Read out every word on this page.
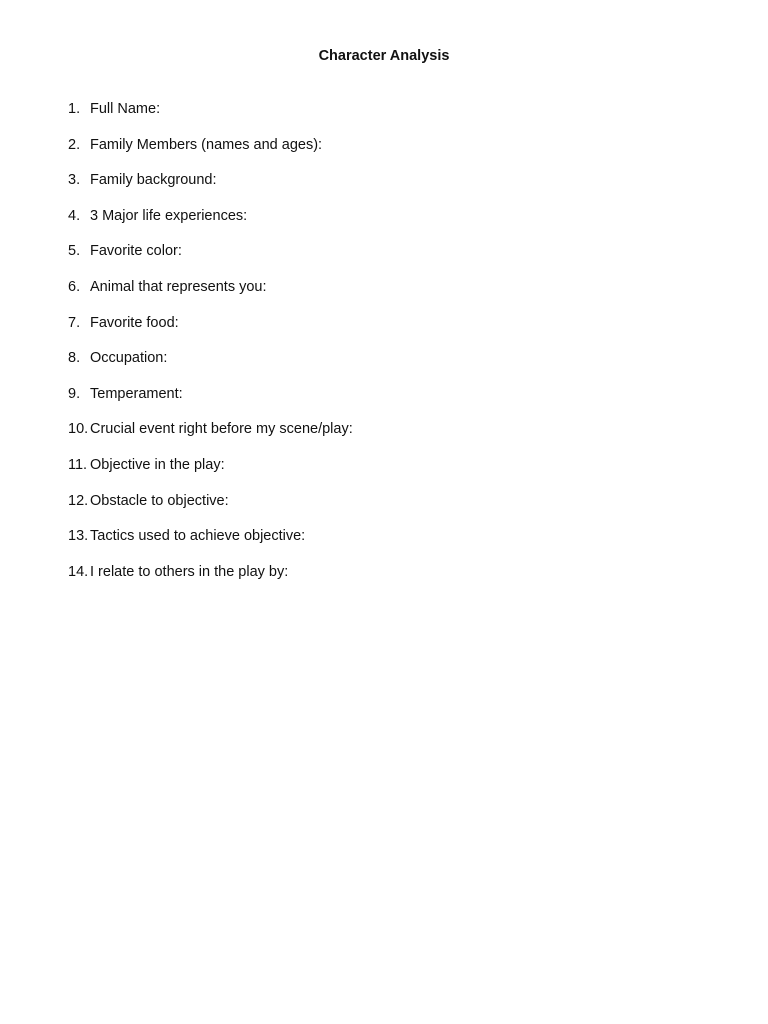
Character Analysis
1. Full Name:
2. Family Members (names and ages):
3. Family background:
4. 3 Major life experiences:
5. Favorite color:
6. Animal that represents you:
7. Favorite food:
8. Occupation:
9. Temperament:
10. Crucial event right before my scene/play:
11. Objective in the play:
12. Obstacle to objective:
13. Tactics used to achieve objective:
14. I relate to others in the play by:
